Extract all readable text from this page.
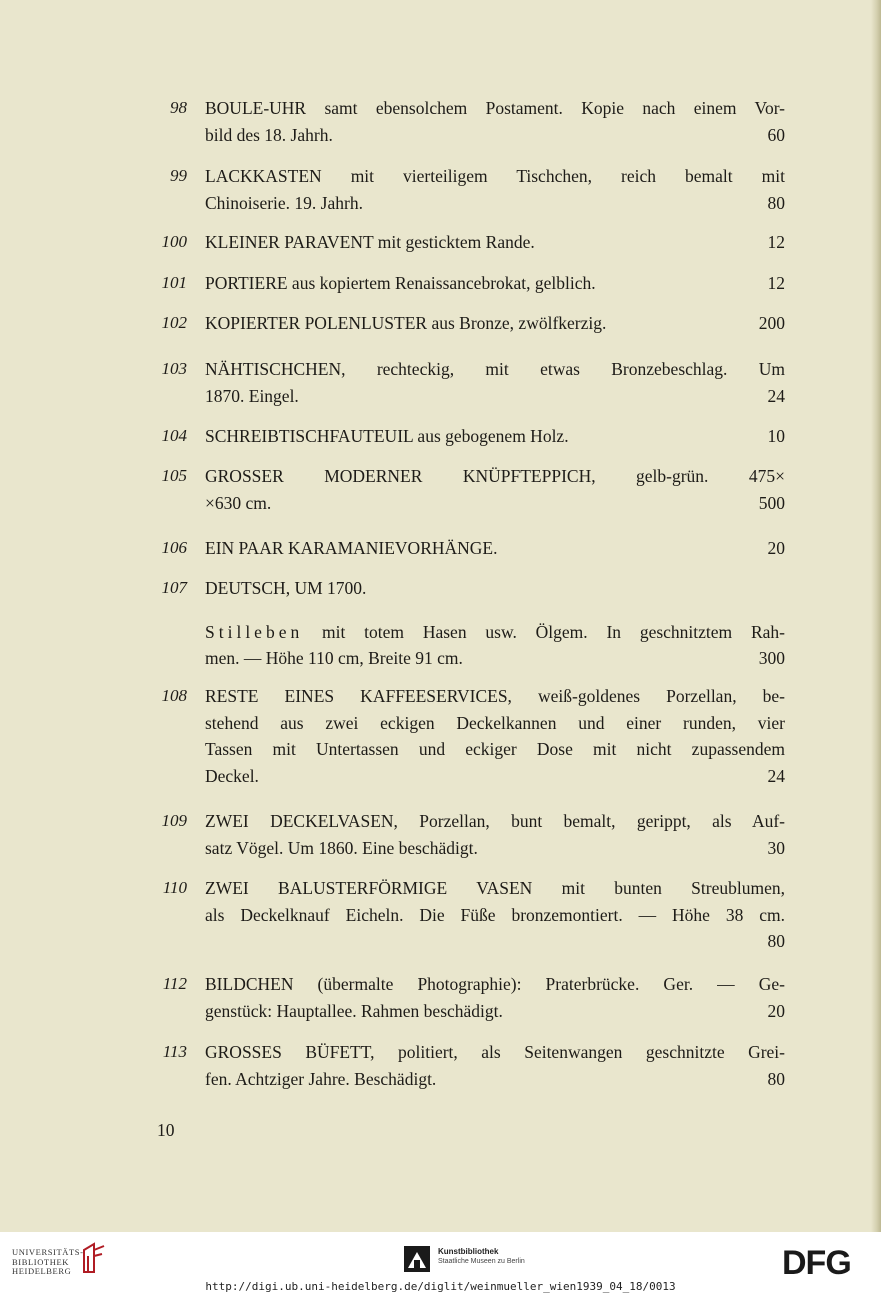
98 BOULE-UHR samt ebensolchem Postament. Kopie nach einem Vor-
bild des 18. Jahrh.	60
99 LACKKASTEN mit vierteiligem Tischchen, reich bemalt mit
Chinoiserie. 19. Jahrh.	80
100 KLEINER PARAVENT mit gesticktem Rande.	12
101 PORTIERE aus kopiertem Renaissancebrokat, gelblich.	12
102 KOPIERTER POLENLUSTER aus Bronze, zwölfkerzig.	200
103 NÄHTISCHCHEN, rechteckig, mit etwas Bronzebeschlag. Um
1870. Eingel.	24
104 SCHREIBTISCHFAUTEUIL aus gebogenem Holz.	10
105 GROSSER MODERNER KNÜPFTEPPICH, gelb-grün. 475×
×630 cm.	500
106 EIN PAAR KARAMANIEVORHÄNGE.	20
107 DEUTSCH, UM 1700.
Stilleben mit totem Hasen usw. Ölgem. In geschnitztem Rah-
men. — Höhe 110 cm, Breite 91 cm.	300
108 RESTE EINES KAFFEESERVICES, weiß-goldenes Porzellan, be-
stehend aus zwei eckigen Deckelkannen und einer runden, vier
Tassen mit Untertassen und eckiger Dose mit nicht zupassendem
Deckel.	24
109 ZWEI DECKELVASEN, Porzellan, bunt bemalt, gerippt, als Auf-
satz Vögel. Um 1860. Eine beschädigt.	30
110 ZWEI BALUSTERFÖRMIGE VASEN mit bunten Streublumen,
als Deckelknauf Eicheln. Die Füße bronzemontiert. — Höhe 38 cm.
80
112 BILDCHEN (übermalte Photographie): Praterbrücke. Ger. — Ge-
genstück: Hauptallee. Rahmen beschädigt.	20
113 GROSSES BÜFETT, politiert, als Seitenwangen geschnitzte Grei-
fen. Achtziger Jahre. Beschädigt.	80
10
UNIVERSITÄTS-
BIBLIOTHEK
HEIDELBERG
Kunstbibliothek
Staatliche Museen zu Berlin	DFG
http://digi.ub.uni-heidelberg.de/diglit/weinmueller_wien1939_04_18/0013
